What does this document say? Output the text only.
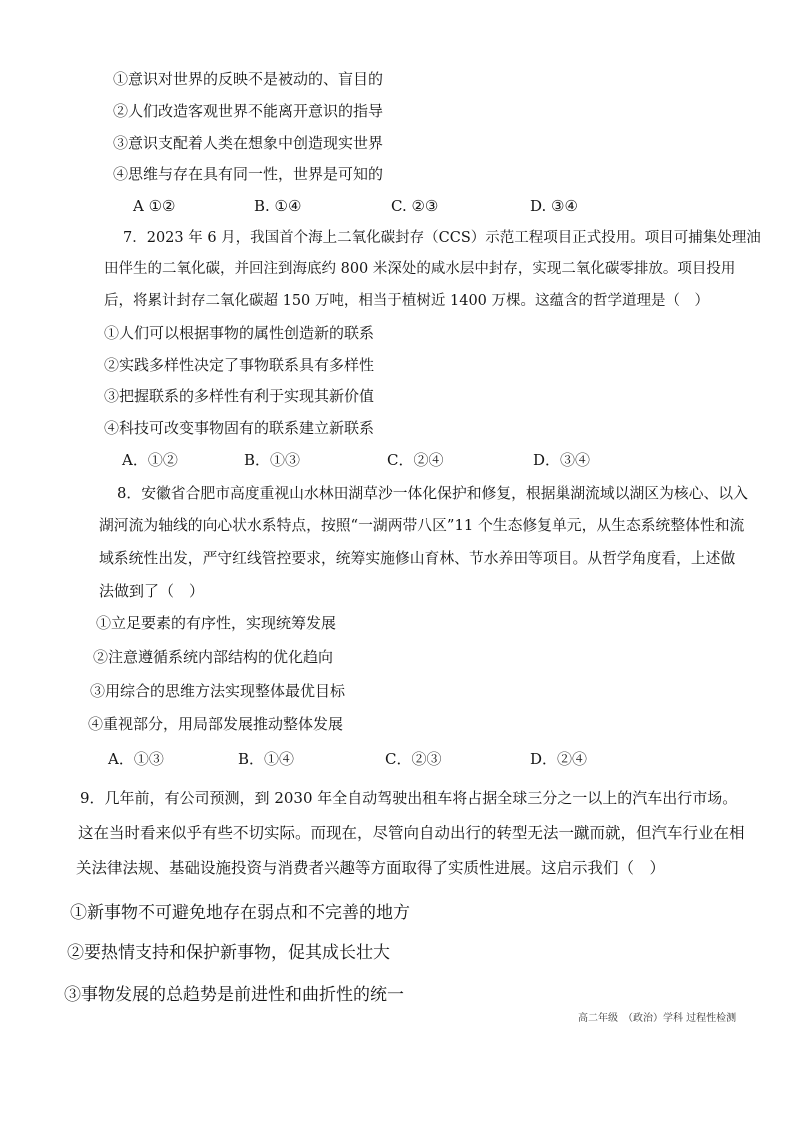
①意识对世界的反映不是被动的、盲目的
②人们改造客观世界不能离开意识的指导
③意识支配着人类在想象中创造现实世界
④思维与存在具有同一性，世界是可知的
A ①②	B. ①④	C. ②③	D. ③④
7．2023 年 6 月，我国首个海上二氧化碳封存（CCS）示范工程项目正式投用。项目可捕集处理油
田伴生的二氧化碳，并回注到海底约 800 米深处的咸水层中封存，实现二氧化碳零排放。项目投用
后，将累计封存二氧化碳超 150 万吨，相当于植树近 1400 万棵。这蕴含的哲学道理是（　）
①人们可以根据事物的属性创造新的联系
②实践多样性决定了事物联系具有多样性
③把握联系的多样性有利于实现其新价值
④科技可改变事物固有的联系建立新联系
A．①②	B．①③	C．②④	D．③④
8．安徽省合肥市高度重视山水林田湖草沙一体化保护和修复，根据巢湖流域以湖区为核心、以入
湖河流为轴线的向心状水系特点，按照“一湖两带八区”11 个生态修复单元，从生态系统整体性和流
域系统性出发，严守红线管控要求，统筹实施修山育林、节水养田等项目。从哲学角度看，上述做
法做到了（　）
①立足要素的有序性，实现统筹发展
②注意遵循系统内部结构的优化趋向
③用综合的思维方法实现整体最优目标
④重视部分，用局部发展推动整体发展
A．①③	B．①④	C．②③	D．②④
9．几年前，有公司预测，到 2030 年全自动驾驶出租车将占据全球三分之一以上的汽车出行市场。
这在当时看来似乎有些不切实际。而现在，尽管向自动出行的转型无法一蹴而就，但汽车行业在相
关法律法规、基础设施投资与消费者兴趣等方面取得了实质性进展。这启示我们（　）
①新事物不可避免地存在弱点和不完善的地方
②要热情支持和保护新事物，促其成长壮大
③事物发展的总趋势是前进性和曲折性的统一
高二年级　（政治）学科 过程性检测
